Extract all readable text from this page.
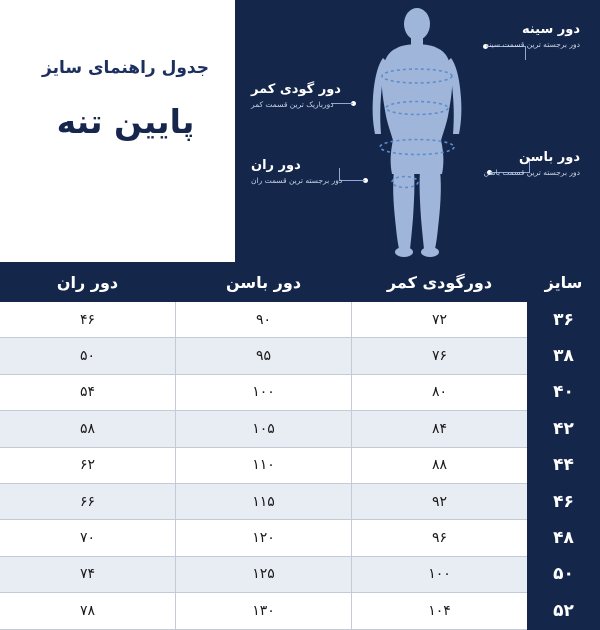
جدول راهنمای سایز
پایین تنه
دور سینه
دور برجسته ترین قسمت سینه
دور باسن
دور برجسته ترین قسمت باسن
دور گودی کمر
دورباریک ترین قسمت کمر
دور ران
دور برجسته ترین قسمت ران
سایز	دورگودی کمر	دور باسن	دور ران
۳۶	۷۲	۹۰	۴۶
۳۸	۷۶	۹۵	۵۰
۴۰	۸۰	۱۰۰	۵۴
۴۲	۸۴	۱۰۵	۵۸
۴۴	۸۸	۱۱۰	۶۲
۴۶	۹۲	۱۱۵	۶۶
۴۸	۹۶	۱۲۰	۷۰
۵۰	۱۰۰	۱۲۵	۷۴
۵۲	۱۰۴	۱۳۰	۷۸
